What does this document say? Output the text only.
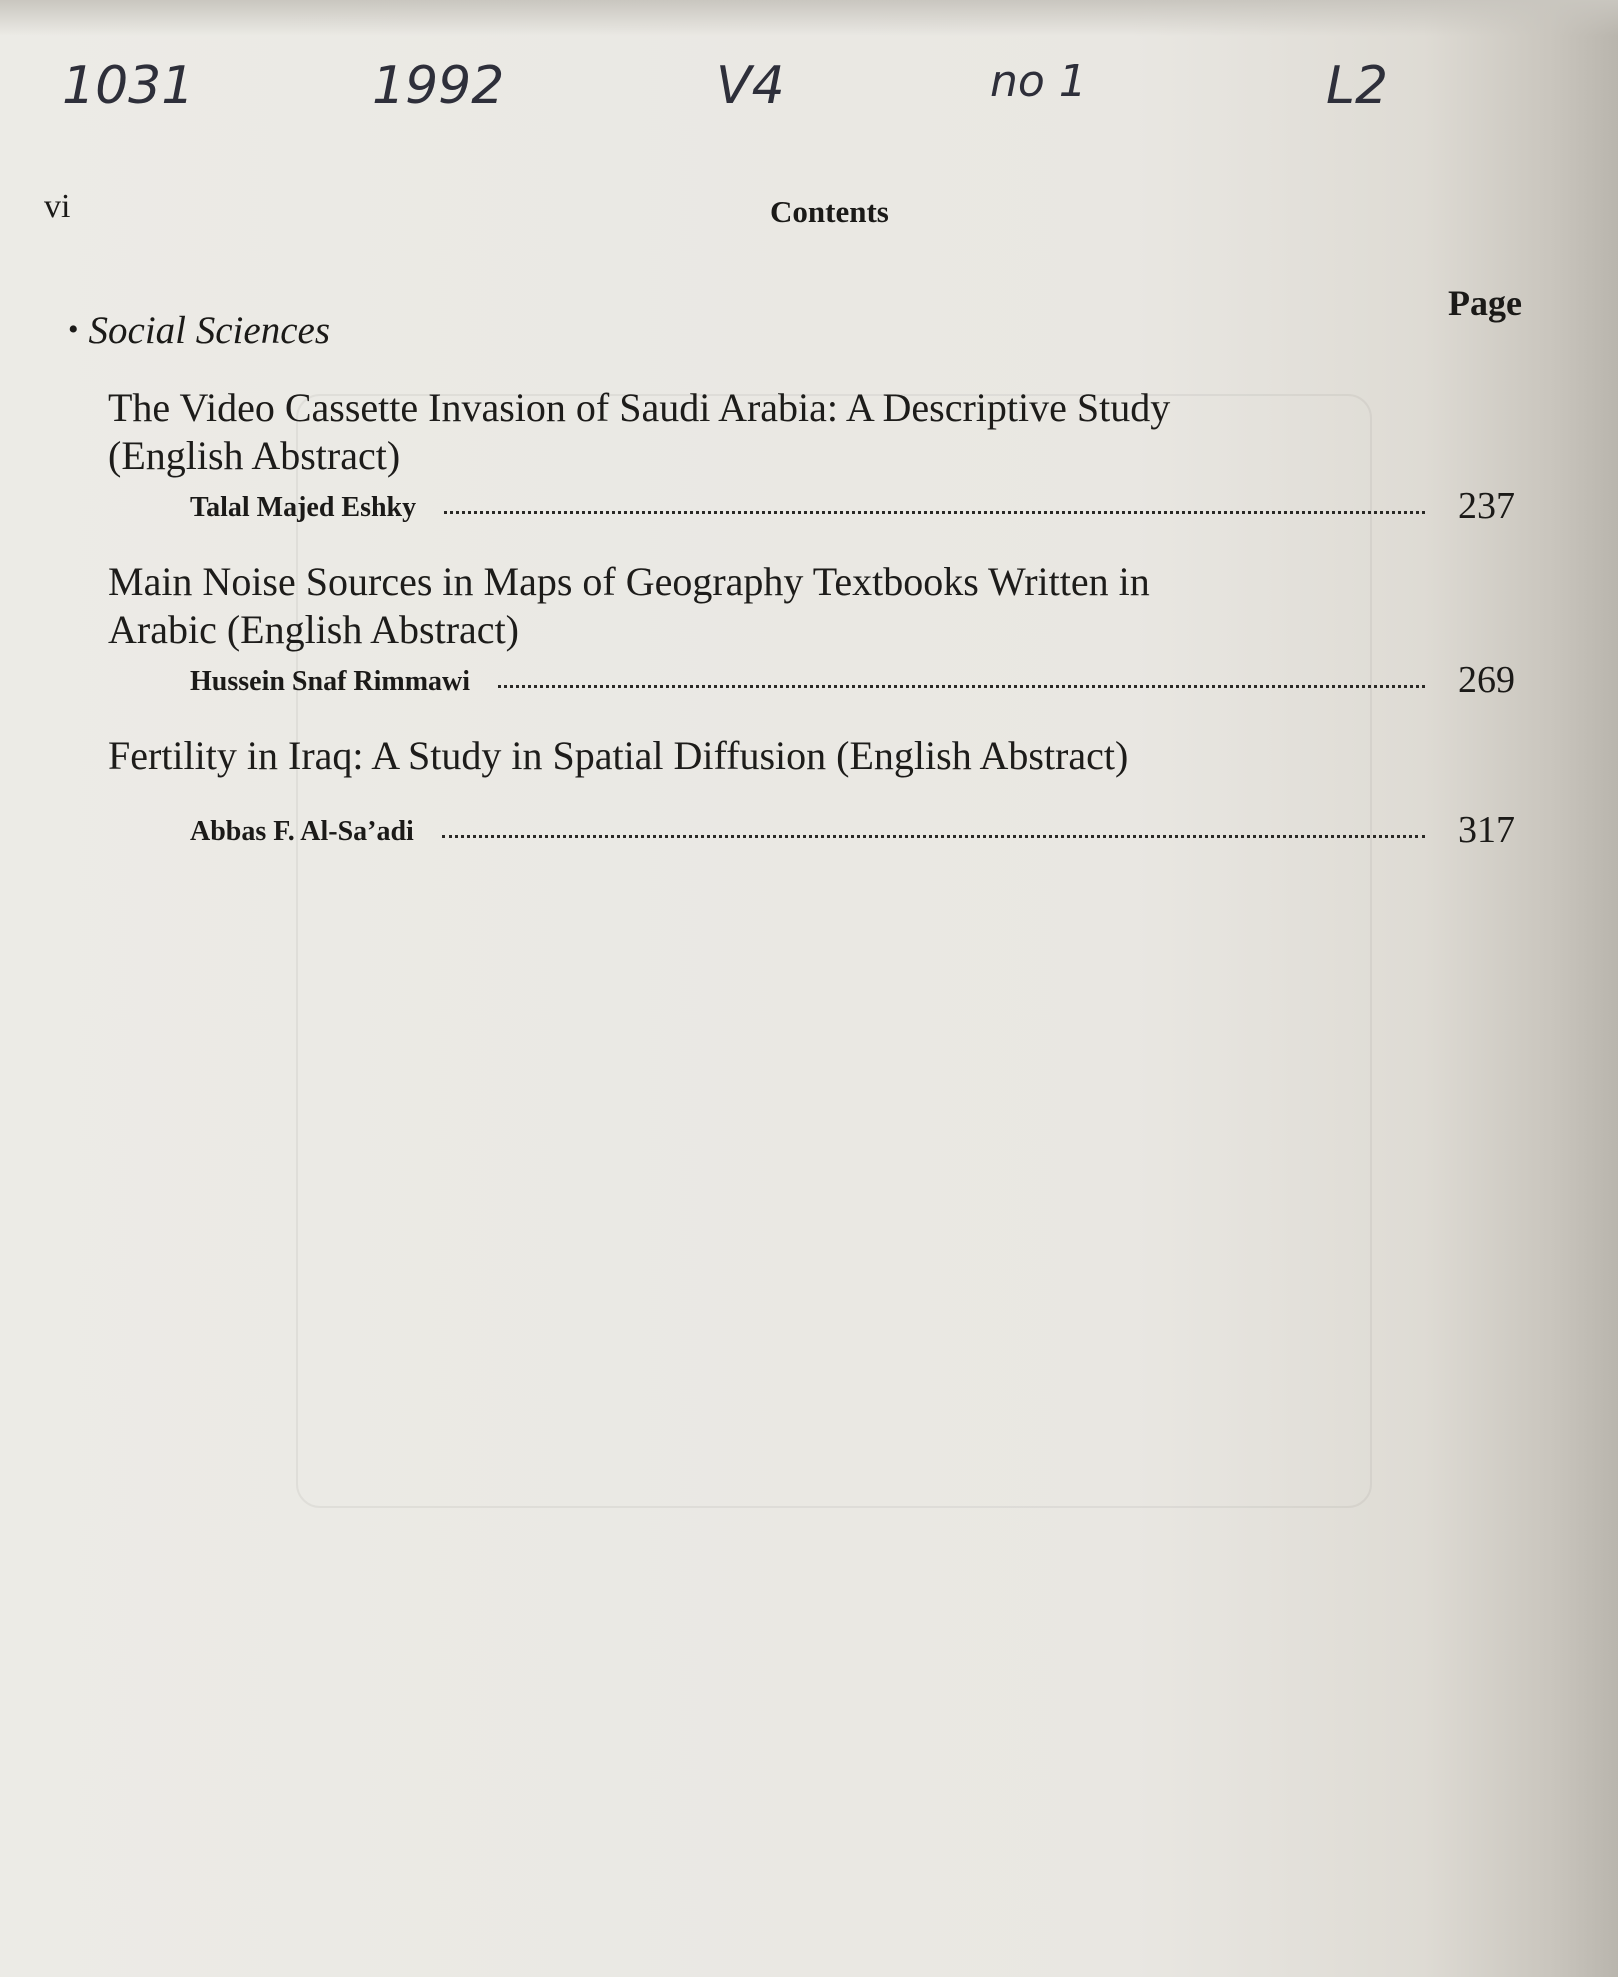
1031	1992	V4	no 1	L2
vi	Contents
Page
• Social Sciences
The Video Cassette Invasion of Saudi Arabia: A Descriptive Study
(English Abstract)
Talal Majed Eshky	237
Main Noise Sources in Maps of Geography Textbooks Written in
Arabic (English Abstract)
Hussein Snaf Rimmawi	269
Fertility in Iraq: A Study in Spatial Diffusion (English Abstract)
Abbas F. Al-Sa’adi	317
